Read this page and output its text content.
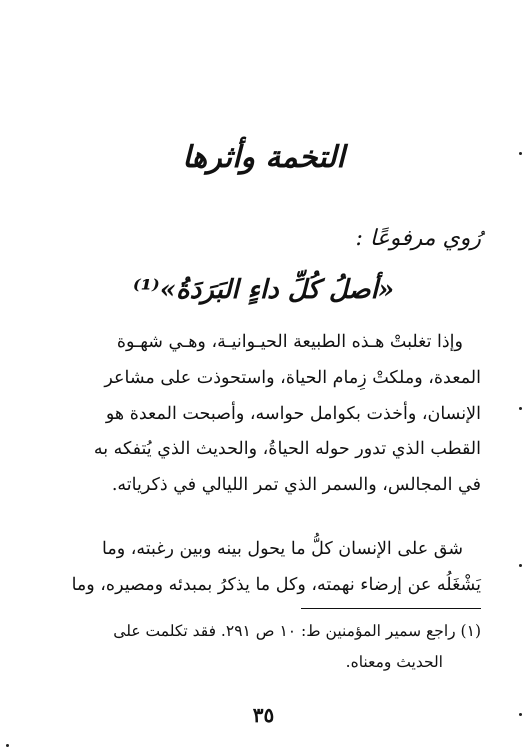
التخمة وأثرها
رُوي مرفوعًا :
«أصلُ كُلِّ داءٍ البَرَدَةُ»⁽¹⁾

وإذا تغلبتْ هـذه الطبيعة الحيـوانيـة، وهـي شهـوة

المعدة، وملكتْ زِمام الحياة، واستحوذت على مشاعر

الإنسان، وأخذت بكوامل حواسه، وأصبحت المعدة هو

القطب الذي تدور حوله الحياةُ، والحديث الذي يُتفكه به

في المجالس، والسمر الذي تمر الليالي في ذكرياته.

شق على الإنسان كلُّ ما يحول بينه وبين رغبته، وما

يَشْغَلُه عن إرضاء نهمته، وكل ما يذكرُ بمبدئه ومصيره، وما

(١) راجع سمير المؤمنين ط: ١٠ ص ٢٩١. فقد تكلمت على

الحديث ومعناه.

٣٥
